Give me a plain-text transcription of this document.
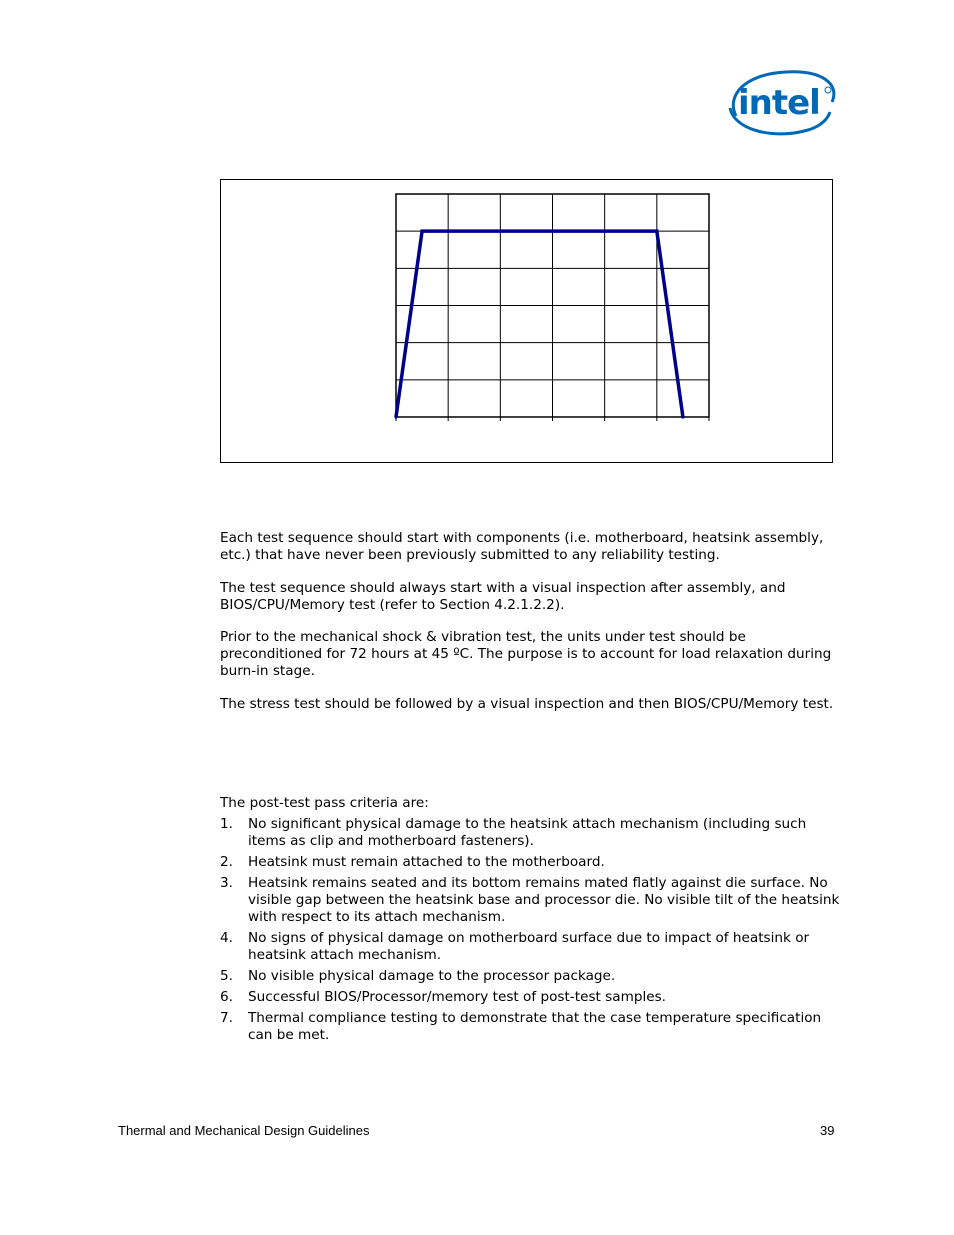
intel

Each test sequence should start with components (i.e. motherboard, heatsink assembly, etc.) that have never been previously submitted to any reliability testing.

The test sequence should always start with a visual inspection after assembly, and BIOS/CPU/Memory test (refer to Section 4.2.1.2.2).

Prior to the mechanical shock & vibration test, the units under test should be preconditioned for 72 hours at 45 ºC. The purpose is to account for load relaxation during burn-in stage.

The stress test should be followed by a visual inspection and then BIOS/CPU/Memory test.

The post-test pass criteria are:

1. No significant physical damage to the heatsink attach mechanism (including such items as clip and motherboard fasteners).
2. Heatsink must remain attached to the motherboard.
3. Heatsink remains seated and its bottom remains mated flatly against die surface. No visible gap between the heatsink base and processor die. No visible tilt of the heatsink with respect to its attach mechanism.
4. No signs of physical damage on motherboard surface due to impact of heatsink or heatsink attach mechanism.
5. No visible physical damage to the processor package.
6. Successful BIOS/Processor/memory test of post-test samples.
7. Thermal compliance testing to demonstrate that the case temperature specification can be met.
Thermal and Mechanical Design Guidelines	39
